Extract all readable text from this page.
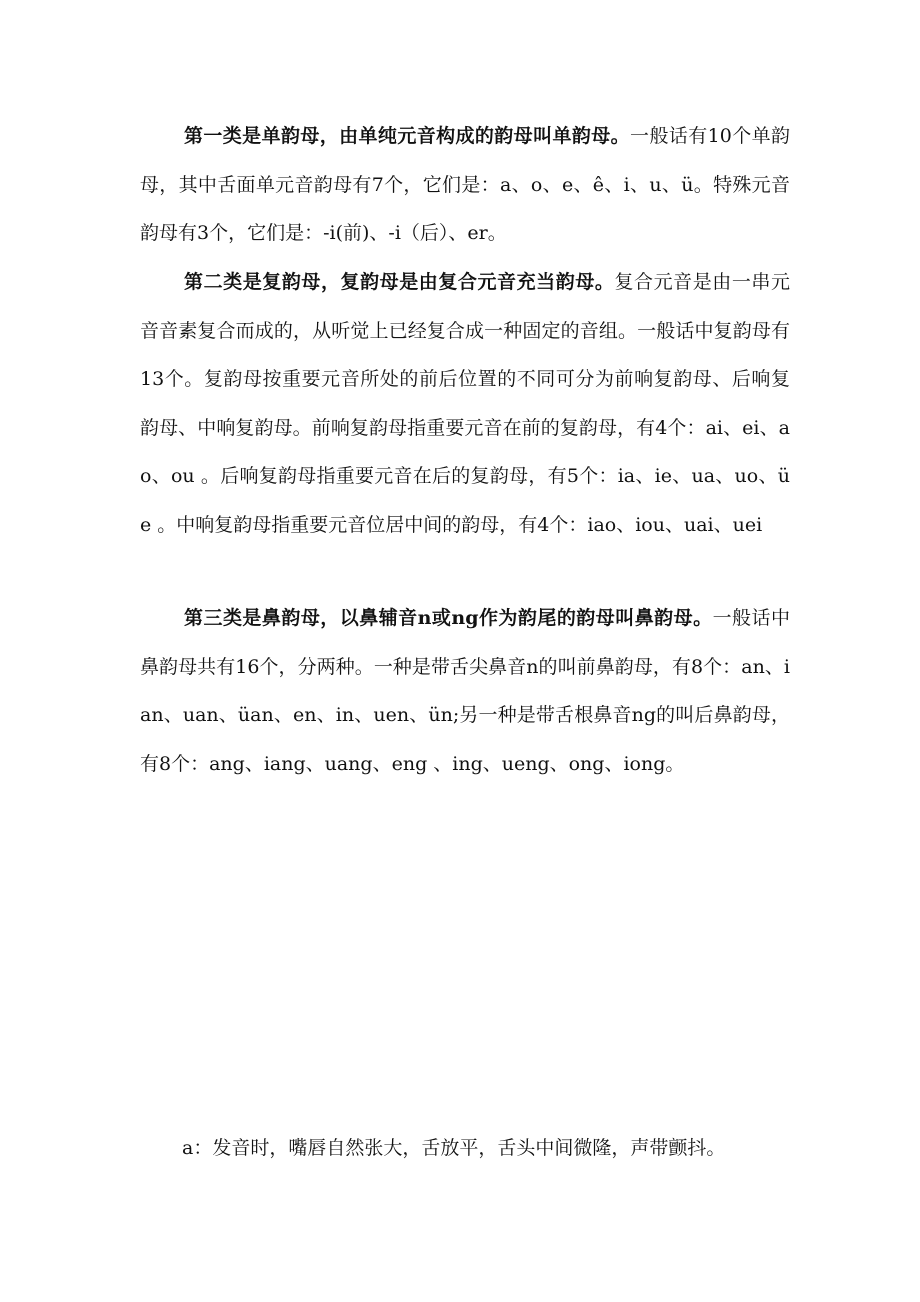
第一类是单韵母，由单纯元音构成的韵母叫单韵母。一般话有10个单韵母，其中舌面单元音韵母有7个，它们是：a、o、e、ê、i、u、ü。特殊元音韵母有3个，它们是：-i(前)、-i（后）、er。

第二类是复韵母，复韵母是由复合元音充当韵母。复合元音是由一串元音音素复合而成的，从听觉上已经复合成一种固定的音组。一般话中复韵母有13个。复韵母按重要元音所处的前后位置的不同可分为前响复韵母、后响复韵母、中响复韵母。前响复韵母指重要元音在前的复韵母，有4个：ai、ei、ao、ou 。后响复韵母指重要元音在后的复韵母，有5个：ia、ie、ua、uo、üe 。中响复韵母指重要元音位居中间的韵母，有4个：iao、iou、uai、uei

第三类是鼻韵母，以鼻辅音n或ng作为韵尾的韵母叫鼻韵母。一般话中鼻韵母共有16个，分两种。一种是带舌尖鼻音n的叫前鼻韵母，有8个：an、ian、uan、üan、en、in、uen、ün;另一种是带舌根鼻音ng的叫后鼻韵母，有8个：ang、iang、uang、eng 、ing、ueng、ong、iong。

a：发音时，嘴唇自然张大，舌放平，舌头中间微隆，声带颤抖。
